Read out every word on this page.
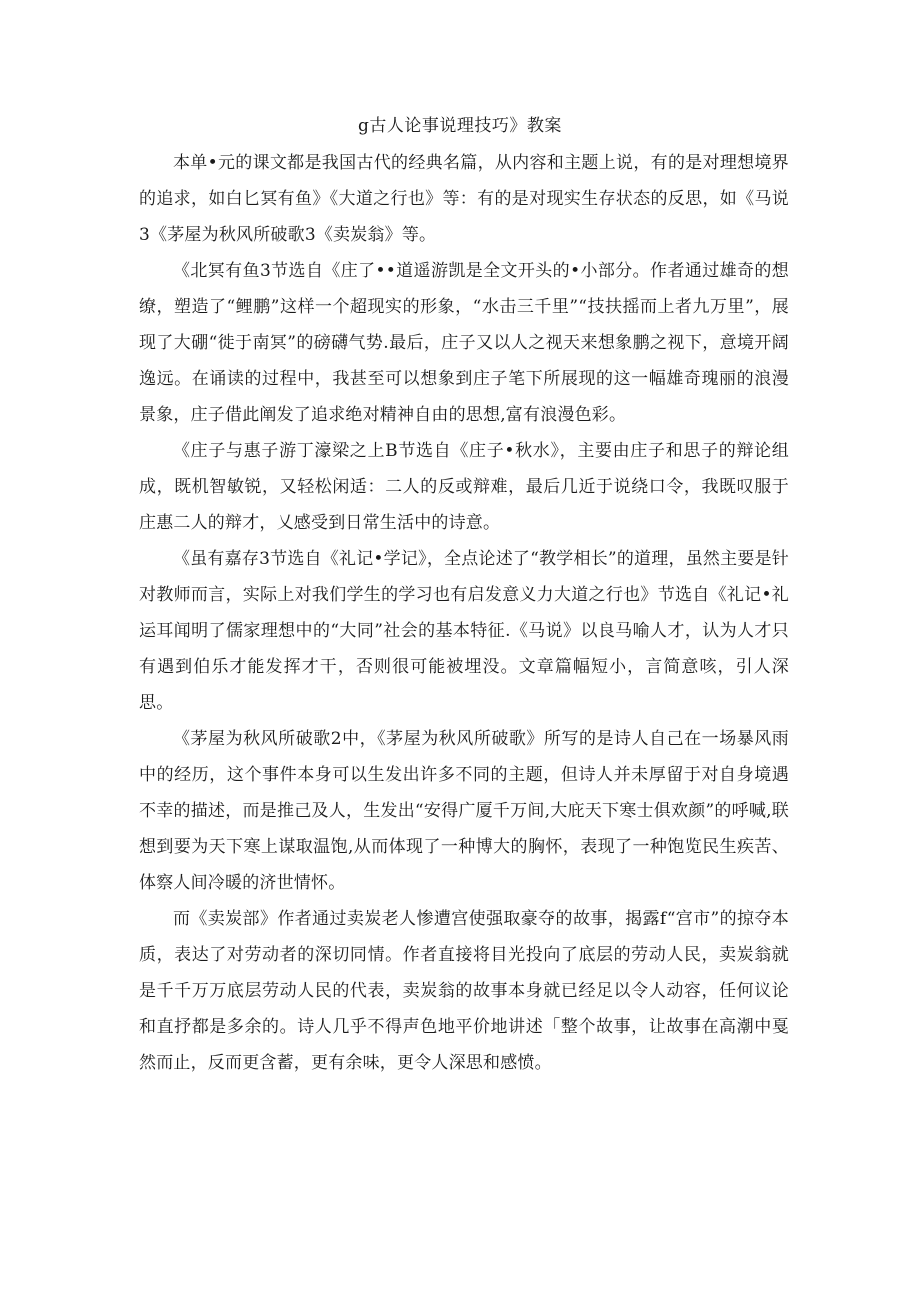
g古人论事说理技巧》教案

本单•元的课文都是我国古代的经典名篇，从内容和主题上说，有的是对理想境界的追求，如白匕冥有鱼》《大道之行也》等：有的是对现实生存状态的反思，如《马说3《茅屋为秋风所破歌3《卖炭翁》等。

《北冥有鱼3节选自《庄了••道遥游凯是全文开头的•小部分。作者通过雄奇的想缭，塑造了“鲤鹏”这样一个超现实的形象，“水击三千里”“技扶摇而上者九万里”，展现了大硼“徙于南冥”的磅礴气势.最后，庄子又以人之视天来想象鹏之视下，意境开阔逸远。在诵读的过程中，我甚至可以想象到庄子笔下所展现的这一幅雄奇瑰丽的浪漫景象，庄子借此阐发了追求绝对精神自由的思想,富有浪漫色彩。

《庄子与惠子游丁濠梁之上B节选自《庄子•秋水》，主要由庄子和思子的辩论组成，既机智敏锐，又轻松闲适：二人的反或辩难，最后几近于说绕口令，我既叹服于庄惠二人的辩才，乂感受到日常生活中的诗意。

《虽有嘉存3节选自《礼记•学记》，全点论述了“教学相长”的道理，虽然主要是针对教师而言，实际上对我们学生的学习也有启发意义力大道之行也》节选自《礼记•礼运耳闻明了儒家理想中的“大同”社会的基本特征.《马说》以良马喻人才，认为人才只有遇到伯乐才能发挥才干，否则很可能被埋没。文章篇幅短小，言简意咳，引人深思。

《茅屋为秋风所破歌2中，《茅屋为秋风所破歌》所写的是诗人自己在一场暴风雨中的经历，这个事件本身可以生发出许多不同的主题，但诗人并未厚留于对自身境遇不幸的描述，而是推己及人，生发出“安得广厦千万间,大庇天下寒士俱欢颜”的呼喊,联想到要为天下寒上谋取温饱,从而体现了一种博大的胸怀，表现了一种饱览民生疾苦、体察人间冷暖的济世情怀。

而《卖炭部》作者通过卖炭老人惨遭宫使强取豪夺的故事，揭露f“宫市”的掠夺本质，表达了对劳动者的深切同情。作者直接将目光投向了底层的劳动人民，卖炭翁就是千千万万底层劳动人民的代表，卖炭翁的故事本身就已经足以令人动容，任何议论和直抒都是多余的。诗人几乎不得声色地平价地讲述「整个故事，让故事在高潮中戛然而止，反而更含蓄，更有余味，更令人深思和感愤。
